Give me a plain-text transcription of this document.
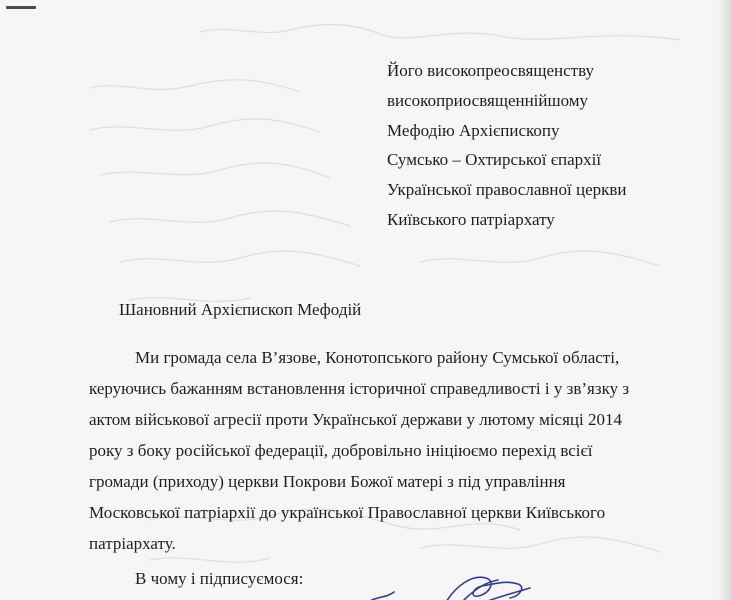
Його високопреосвященству
високоприосвященнійшому
Мефодію Архієпископу
Сумсько – Охтирської єпархії
Української православної церкви
Київського патріархату
Шановний Архієпископ Мефодій
Ми громада села В’язове, Конотопського району Сумської області,
керуючись бажанням встановлення історичної справедливості і у зв’язку з
актом військової агресії проти Української держави у лютому місяці 2014
року з боку російської федерації, добровільно ініціюємо перехід всієї
громади (приходу) церкви Покрови Божої матері з під управління
Московської патріархії до української Православної церкви Київського
патріархату.
В чому і підписуємося:
